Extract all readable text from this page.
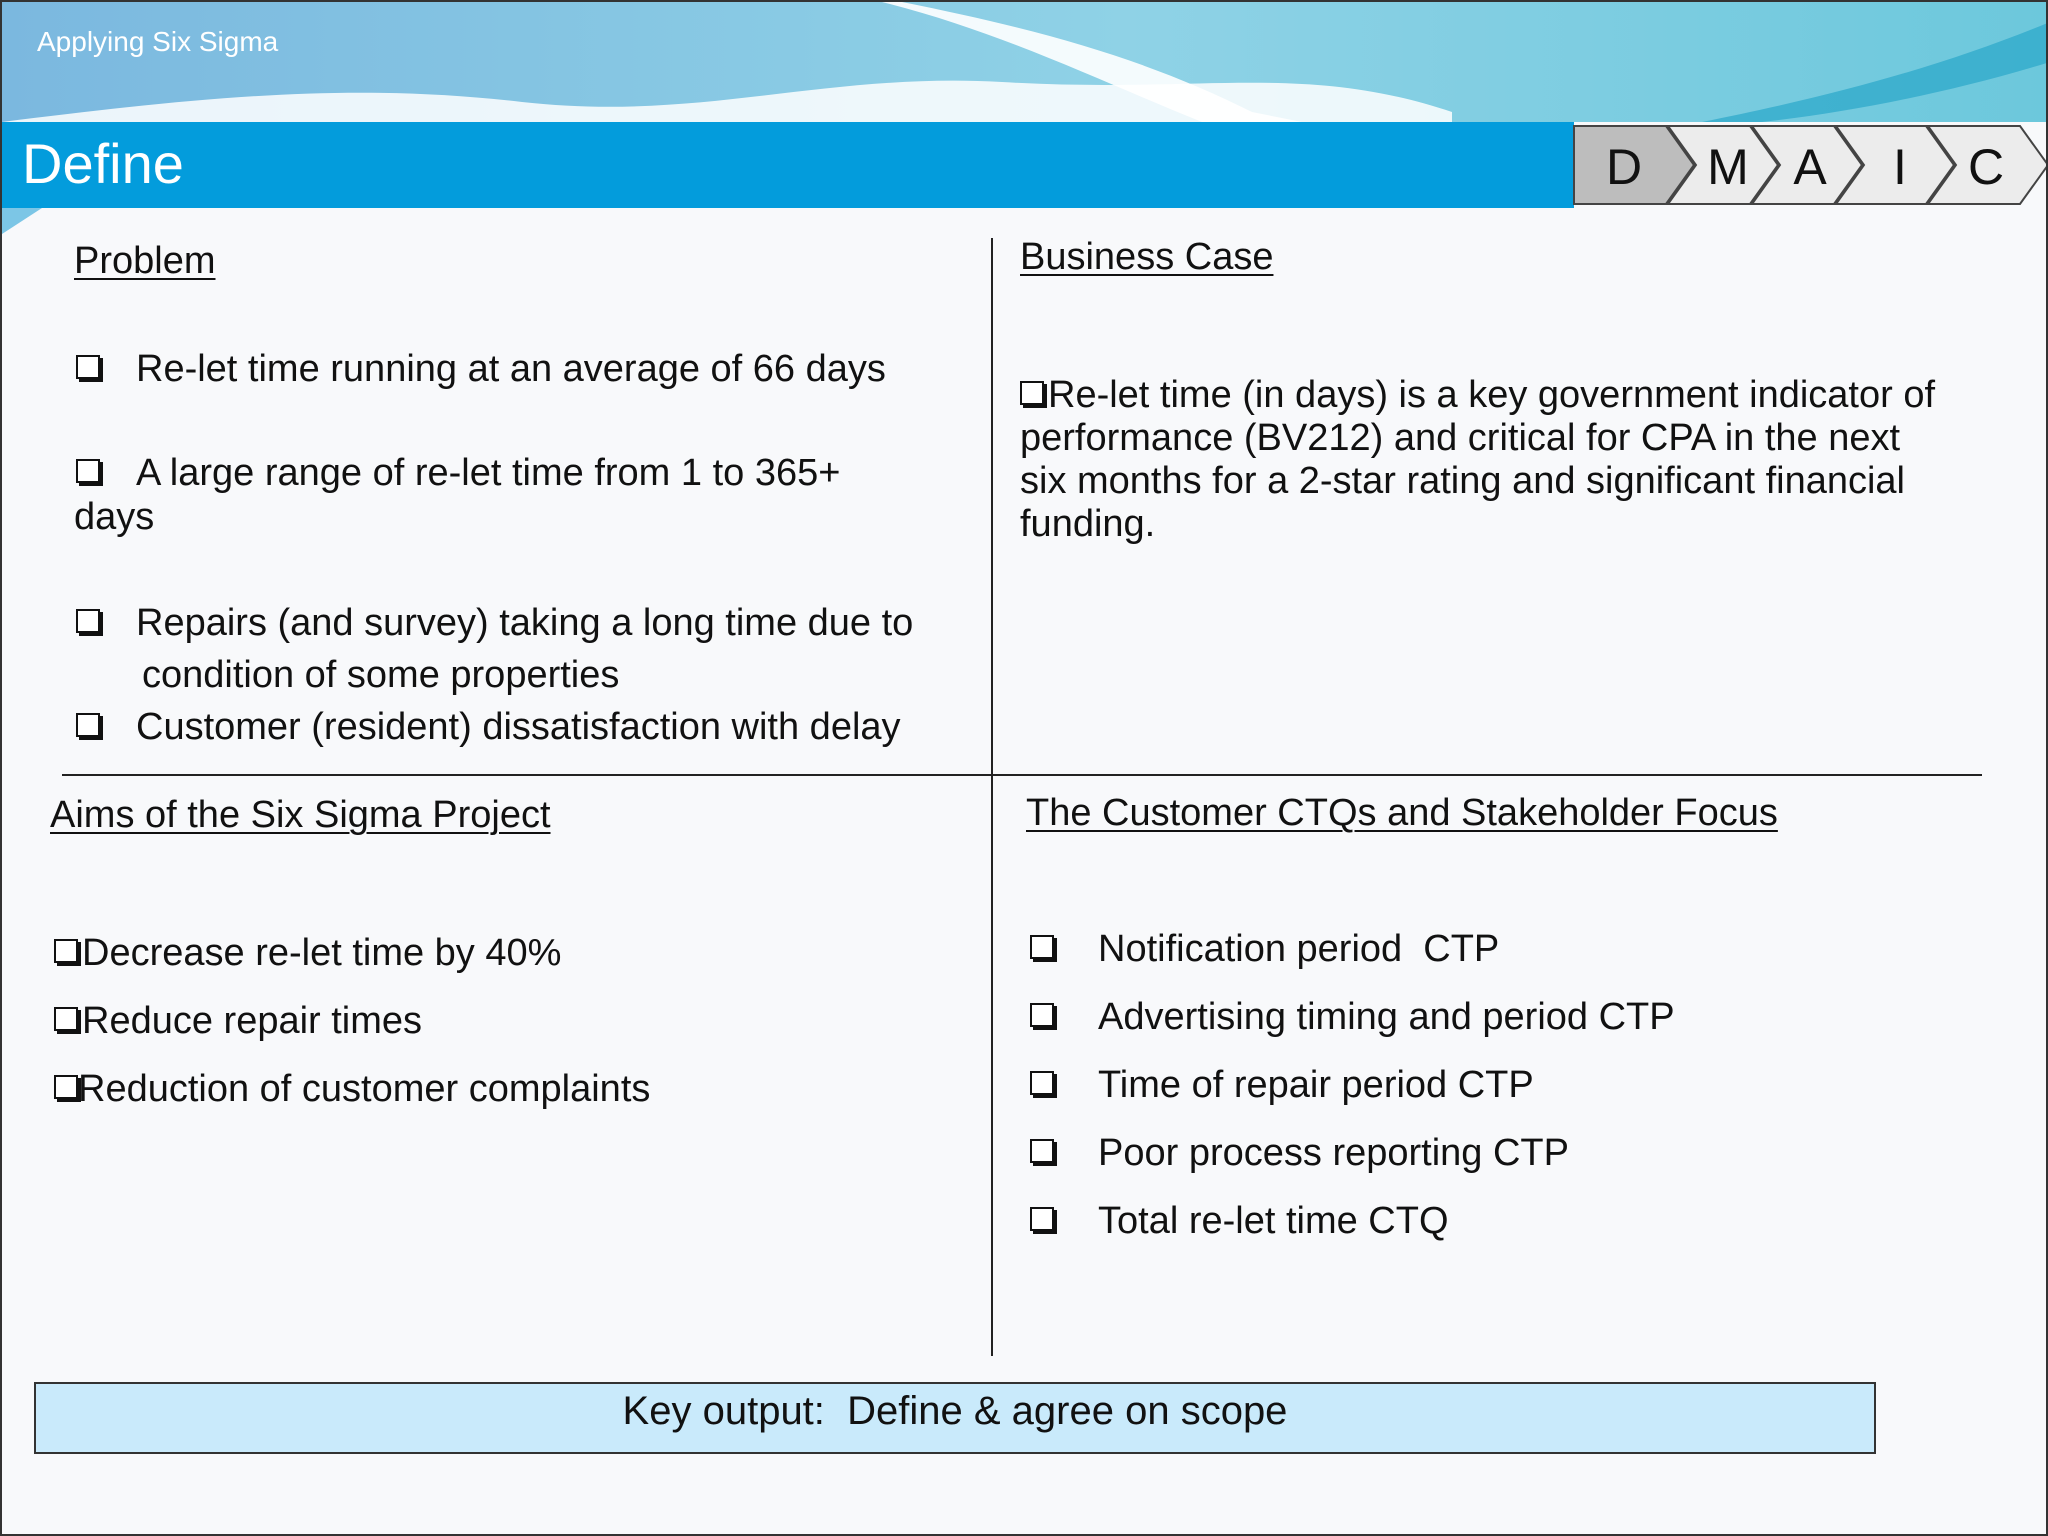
Applying Six Sigma
Define	D M A I C
Problem
Re-let time running at an average of 66 days
A large range of re-let time from 1 to 365+
days
Repairs (and survey) taking a long time due to
condition of some properties
Customer (resident) dissatisfaction with delay
Business Case
Re-let time (in days) is a key government indicator of
performance (BV212) and critical for CPA in the next
six months for a 2-star rating and significant financial
funding.
Aims of the Six Sigma Project
Decrease re-let time by 40%
Reduce repair times
Reduction of customer complaints
The Customer CTQs and Stakeholder Focus
Notification period  CTP
Advertising timing and period CTP
Time of repair period CTP
Poor process reporting CTP
Total re-let time CTQ
Key output:  Define & agree on scope
